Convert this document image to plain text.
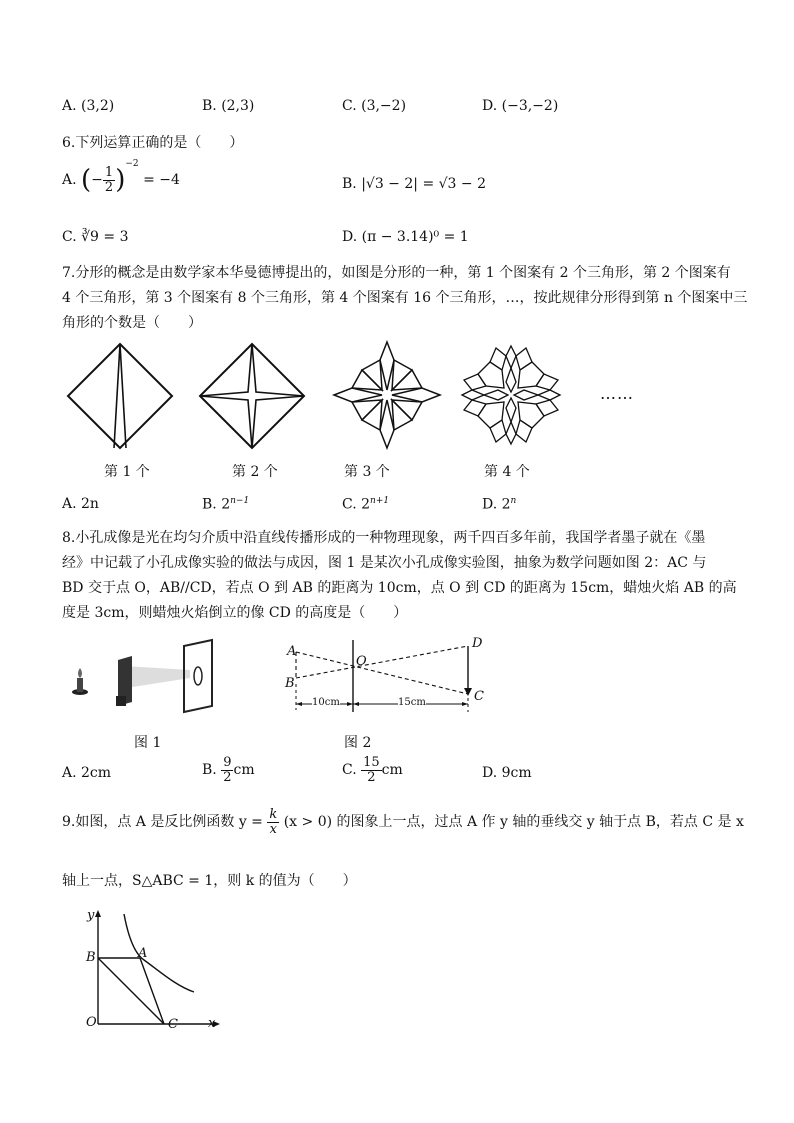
A. (3,2)	B. (2,3)	C. (3,−2)	D. (−3,−2)
6.下列运算正确的是（　　）
A. (− $\frac{1}{2} )^{-2} = -4$	B. |√3 − 2| = √3 − 2
C. ∛9 = 3	D. (π − 3.14)⁰ = 1
7.分形的概念是由数学家本华曼德博提出的，如图是分形的一种，第 1 个图案有 2 个三角形，第 2 个图案有
4 个三角形，第 3 个图案有 8 个三角形，第 4 个图案有 16 个三角形，…，按此规律分形得到第 n 个图案中三
角形的个数是（　　）
……
第 1 个	第 2 个	第 3 个	第 4 个
A. 2n	B. $2^{n-1}$	C. $2^{n+1}$	D. 2$^n$
8.小孔成像是光在均匀介质中沿直线传播形成的一种物理现象，两千四百多年前，我国学者墨子就在《墨
经》中记载了小孔成像实验的做法与成因，图 1 是某次小孔成像实验图，抽象为数学问题如图 2：AC 与
BD 交于点 O，AB//CD，若点 O 到 AB 的距离为 10cm，点 O 到 CD 的距离为 15cm，蜡烛火焰 AB 的高
度是 3cm，则蜡烛火焰倒立的像 CD 的高度是（　　）
A
B
O
D
C
10cm	15cm
图 1	图 2
A. 2cm	B. $\frac{9}{2}$ cm	C. $\frac{15}{2}$ cm	D. 9cm
9.如图，点 A 是反比例函数 $y = \frac{k}{x} (x > 0)$ 的图象上一点，过点 A 作 y 轴的垂线交 y 轴于点 B，若点 C 是 x
轴上一点，S△ABC = 1，则 k 的值为（　　）
y
B	A
O	C x
